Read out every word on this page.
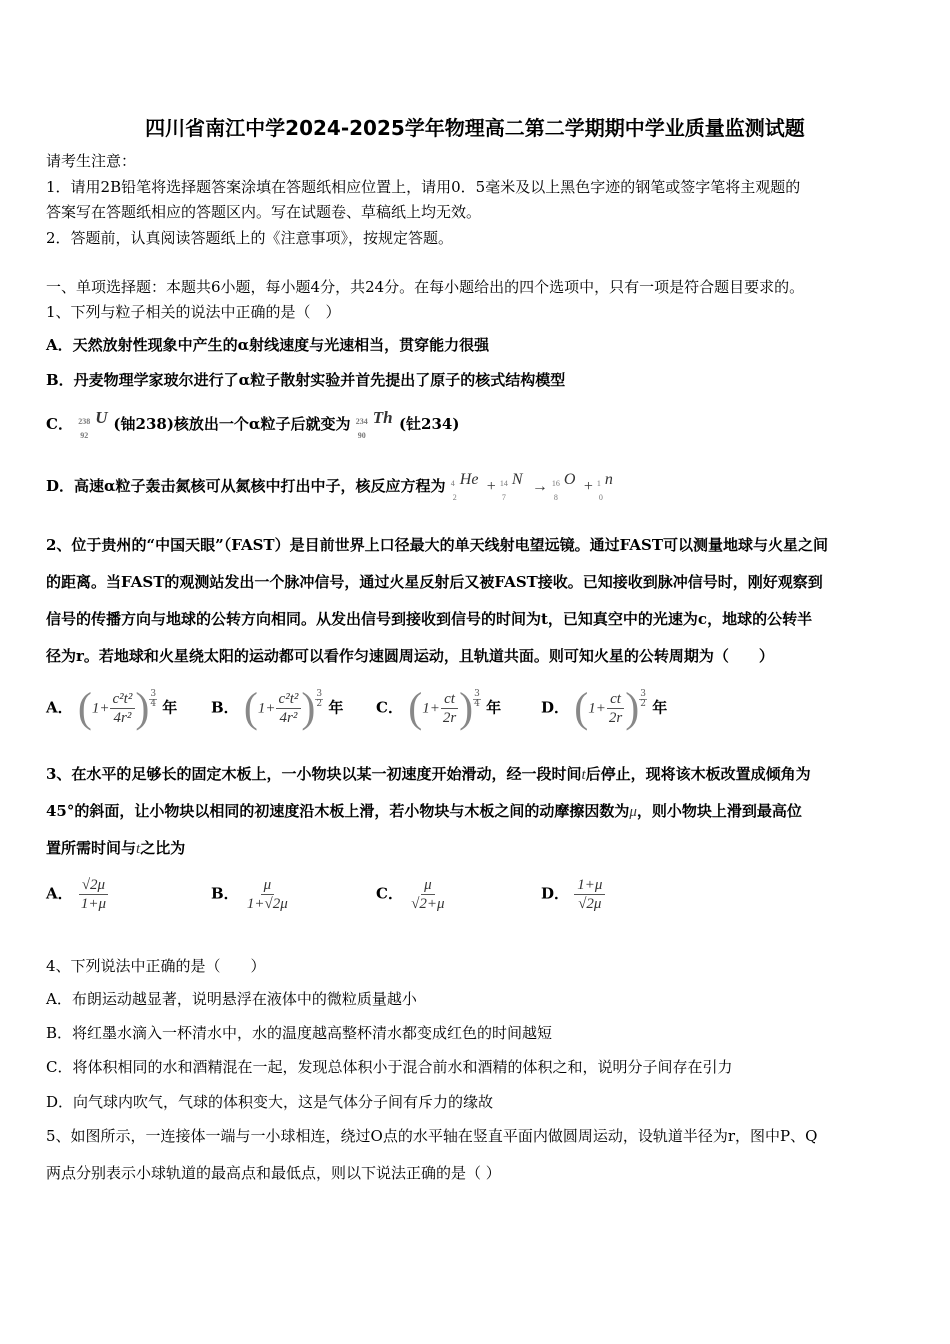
四川省南江中学2024-2025学年物理高二第二学期期中学业质量监测试题
请考生注意：
1．请用2B铅笔将选择题答案涂填在答题纸相应位置上，请用0．5毫米及以上黑色字迹的钢笔或签字笔将主观题的
答案写在答题纸相应的答题区内。写在试题卷、草稿纸上均无效。
2．答题前，认真阅读答题纸上的《注意事项》，按规定答题。
一、单项选择题：本题共6小题，每小题4分，共24分。在每小题给出的四个选项中，只有一项是符合题目要求的。
1、下列与粒子相关的说法中正确的是（　）
A．天然放射性现象中产生的α射线速度与光速相当，贯穿能力很强
B．丹麦物理学家玻尔进行了α粒子散射实验并首先提出了原子的核式结构模型
C． 238
92
U (铀238)核放出一个α粒子后就变为 234
90
Th (钍234)
D．高速α粒子轰击氮核可从氮核中打出中子，核反应方程为 4
2
He + 14
7
N → 16
8
O + 1
0
n
2、位于贵州的“中国天眼”（FAST）是目前世界上口径最大的单天线射电望远镜。通过FAST可以测量地球与火星之间
的距离。当FAST的观测站发出一个脉冲信号，通过火星反射后又被FAST接收。已知接收到脉冲信号时，刚好观察到
信号的传播方向与地球的公转方向相同。从发出信号到接收到信号的时间为t，已知真空中的光速为c，地球的公转半
径为r。若地球和火星绕太阳的运动都可以看作匀速圆周运动，且轨道共面。则可知火星的公转周期为（　　）
A． ($1+ \frac{\text{c²t²}}{\text{4r²}}$ ) $\frac{3}{4}$ 年 B． ($1+ \frac{\text{c²t²}}{\text{4r²}}$ ) $\frac{3}{2}$ 年 C． ($1+ \frac{ct}{2r}$ ) $\frac{3}{4}$ 年	D． ($1+ \frac{ct}{2r}$ ) $\frac{3}{2}$ 年
3、在水平的足够长的固定木板上，一小物块以某一初速度开始滑动，经一段时间t后停止，现将该木板改置成倾角为
45°的斜面，让小物块以相同的初速度沿木板上滑，若小物块与木板之间的动摩擦因数为μ，则小物块上滑到最高位
置所需时间与t之比为
A． $\frac{√2\mu}{1+\mu}$	B． $\frac{\mu}{1+√2\mu}$	C． $\frac{\mu}{√2+\mu}$	D． $\frac{1+\mu}{√2\mu}$
4、下列说法中正确的是（　　）
A．布朗运动越显著，说明悬浮在液体中的微粒质量越小
B．将红墨水滴入一杯清水中，水的温度越高整杯清水都变成红色的时间越短
C．将体积相同的水和酒精混在一起，发现总体积小于混合前水和酒精的体积之和，说明分子间存在引力
D．向气球内吹气，气球的体积变大，这是气体分子间有斥力的缘故
5、如图所示，一连接体一端与一小球相连，绕过O点的水平轴在竖直平面内做圆周运动，设轨道半径为r，图中P、Q
两点分别表示小球轨道的最高点和最低点，则以下说法正确的是（ ）
